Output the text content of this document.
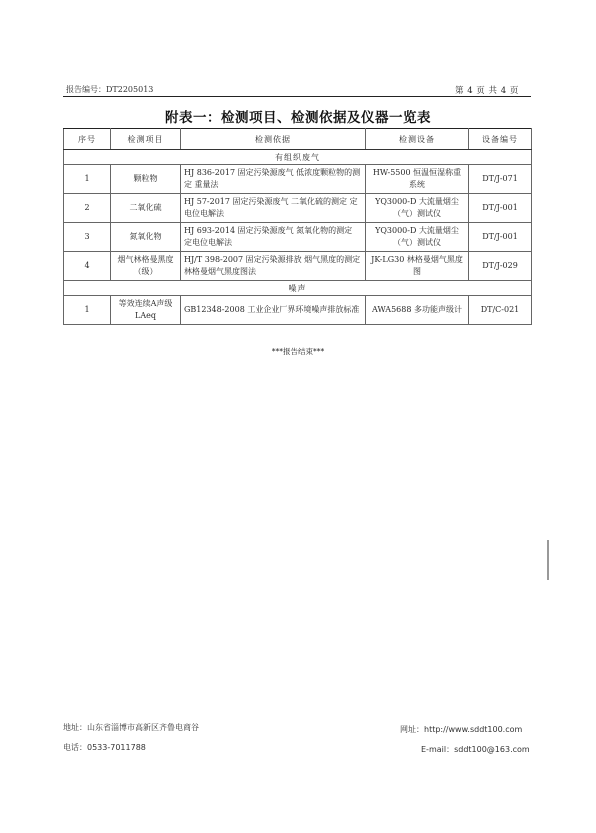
报告编号：DT2205013	第 4 页 共 4 页
附表一：检测项目、检测依据及仪器一览表
序号	检测项目	检测依据	检测设备	设备编号
有组织废气				
1	颗粒物	HJ 836-2017 固定污染源废气 低浓度颗粒物的测定 重量法	HW-5500 恒温恒湿称重系统	DT/J-071
2	二氧化硫	HJ 57-2017 固定污染源废气 二氧化硫的测定 定电位电解法	YQ3000-D 大流量烟尘（气）测试仪	DT/J-001
3	氮氧化物	HJ 693-2014 固定污染源废气 氮氧化物的测定 定电位电解法	YQ3000-D 大流量烟尘（气）测试仪	DT/J-001
4	烟气林格曼黑度（级）	HJ/T 398-2007 固定污染源排放 烟气黑度的测定 林格曼烟气黑度图法	JK-LG30 林格曼烟气黑度图	DT/J-029
噪声				
1	等效连续A声级 LAeq	GB12348-2008 工业企业厂界环境噪声排放标准	AWA5688 多功能声级计	DT/C-021
***报告结束***
地址：山东省淄博市高新区齐鲁电商谷	网址：http://www.sddt100.com
电话：0533-7011788	E-mail：sddt100@163.com
